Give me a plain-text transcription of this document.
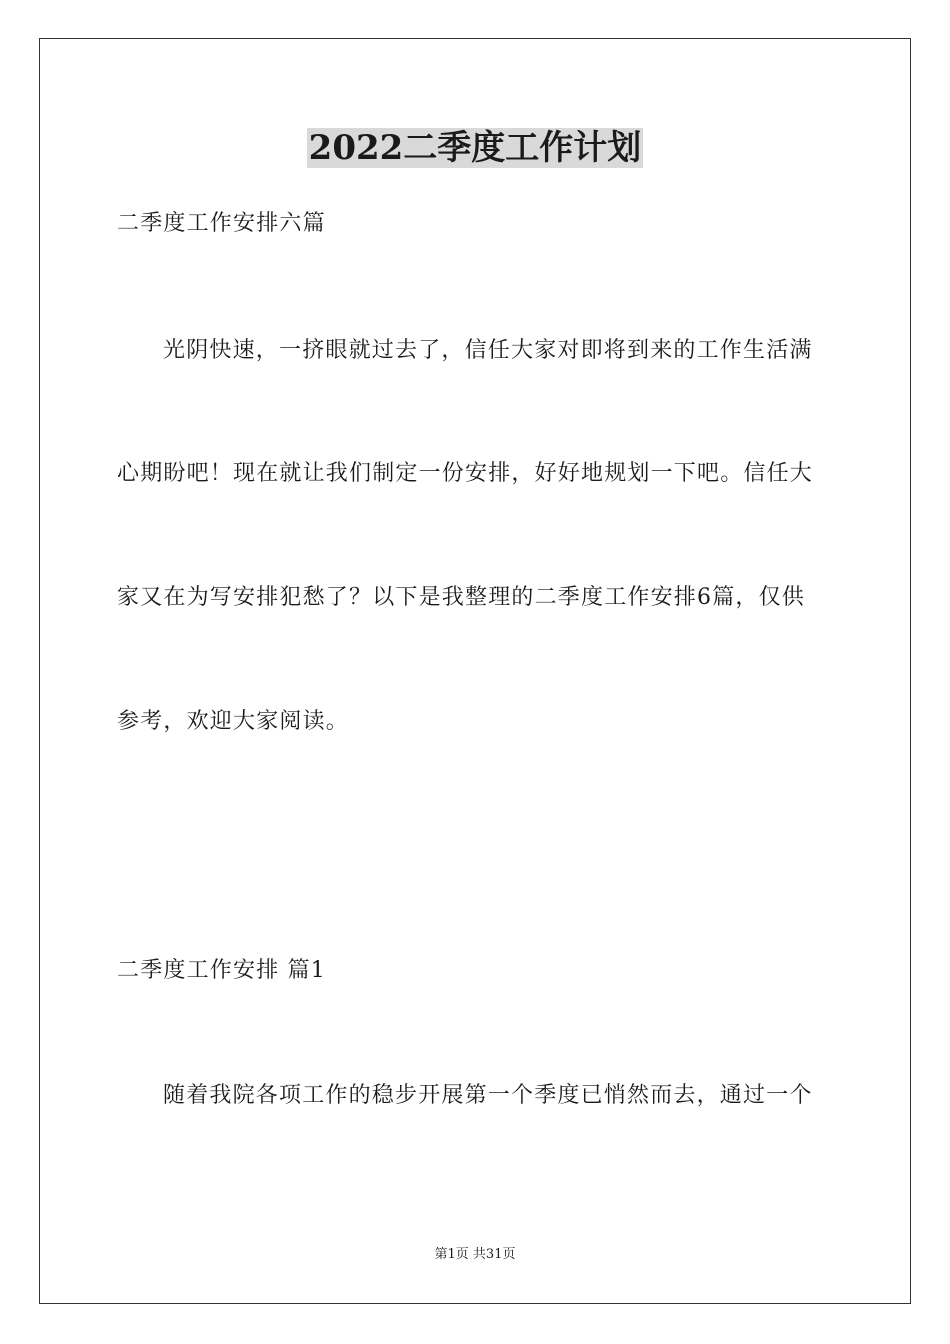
2022二季度工作计划
二季度工作安排六篇
光阴快速，一挤眼就过去了，信任大家对即将到来的工作生活满
心期盼吧！现在就让我们制定一份安排，好好地规划一下吧。信任大
家又在为写安排犯愁了？以下是我整理的二季度工作安排6篇，仅供
参考，欢迎大家阅读。
二季度工作安排 篇1
随着我院各项工作的稳步开展第一个季度已悄然而去，通过一个
第1页 共31页
